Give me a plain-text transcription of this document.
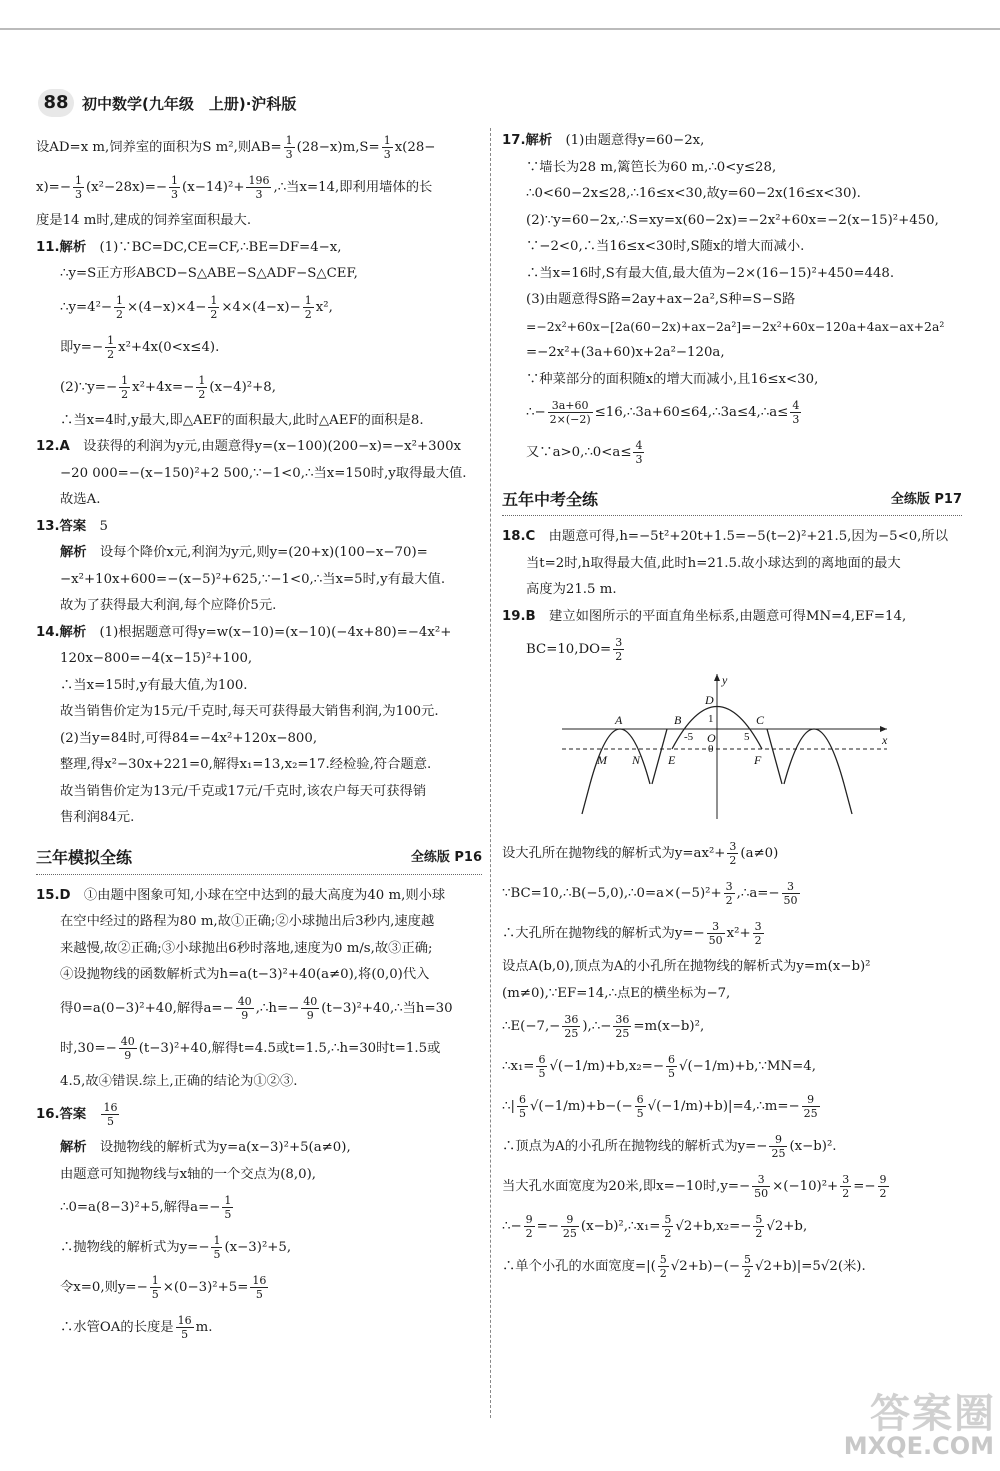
88 初中数学(九年级　上册)·沪科版

设AD=x m,饲养室的面积为S m²,则$AB= \frac{1}{3} (28-x)m,S= \frac{1}{3} x(28-$

$x)=- \frac{1}{3} (x^2-28x)=- \frac{1}{3} (x-14)^2+ \frac{196}{3}$ ,∴当x=14,即利用墙体的长

度是14 m时,建成的饲养室面积最大.

11.解析　 (1)∵BC=DC,CE=CF,∴BE=DF=4−x,

∴y=S正方形ABCD−S△ABE−S△ADF−S△CEF,

∴y=4²− $\frac{1}{2} \times(4-x)\times 4- \frac{1}{2} \times 4\times(4-x)- \frac{1}{2} x^2$,

即$y=- \frac{1}{2} x^2+4x(0<x\le 4)$.

(2)∵y=− $\frac{1}{2} x^2+4x=- \frac{1}{2} (x-4)^2+8$,

∴当x=4时,y最大,即△AEF的面积最大,此时△AEF的面积是8.

12.A　 设获得的利润为y元,由题意得y=(x−100)(200−x)=−x²+300x

−20 000=−(x−150)²+2 500,∵−1<0,∴当x=150时,y取得最大值.

故选A.

13.答案　 5

解析　 设每个降价x元,利润为y元,则y=(20+x)(100−x−70)=

−x²+10x+600=−(x−5)²+625,∵−1<0,∴当x=5时,y有最大值.

故为了获得最大利润,每个应降价5元.

14.解析　 (1)根据题意可得y=w(x−10)=(x−10)(−4x+80)=−4x²+

120x−800=−4(x−15)²+100,

∴当x=15时,y有最大值,为100.

故当销售价定为15元/千克时,每天可获得最大销售利润,为100元.

(2)当y=84时,可得84=−4x²+120x−800,

整理,得x²−30x+221=0,解得x₁=13,x₂=17.经检验,符合题意.

故当销售价定为13元/千克或17元/千克时,该农户每天可获得销

售利润84元.

三年模拟全练	全练版 P16

15.D　 ①由题中图象可知,小球在空中达到的最大高度为40 m,则小球

在空中经过的路程为80 m,故①正确;②小球抛出后3秒内,速度越

来越慢,故②正确;③小球抛出6秒时落地,速度为0 m/s,故③正确;

④设抛物线的函数解析式为h=a(t−3)²+40(a≠0),将(0,0)代入

得0=a(0−3)²+40,解得$a=- \frac{40}{9}$ ,∴h=− $\frac{40}{9}$ (t−3)²+40,∴当h=30

时$,30=- \frac{40}{9} (t-3)^2+40$,解得t=4.5或t=1.5,∴h=30时t=1.5或

4.5,故④错误.综上,正确的结论为①②③.

16.答案　 $\frac{16}{5}$

解析　 设抛物线的解析式为y=a(x−3)²+5(a≠0),

由题意可知抛物线与x轴的一个交点为(8,0),

∴0=a(8−3)²+5,解得$a=- \frac{1}{5}$

∴抛物线的解析式为$y=- \frac{1}{5} (x-3)^2+5$,

令x=0,则$y=- \frac{1}{5} \times(0-3)^2+5= \frac{16}{5}$

∴水管OA的长度是 $\frac{16}{5} m$.

17.解析　 (1)由题意得y=60−2x,

∵墙长为28 m,篱笆长为60 m,∴0<y≤28,

∴0<60−2x≤28,∴16≤x<30,故y=60−2x(16≤x<30).

(2)∵y=60−2x,∴S=xy=x(60−2x)=−2x²+60x=−2(x−15)²+450,

∵−2<0,∴当16≤x<30时,S随x的增大而减小.

∴当x=16时,S有最大值,最大值为−2×(16−15)²+450=448.

(3)由题意得S路=2ay+ax−2a²,S种=S−S路

=−2x²+60x−[2a(60−2x)+ax−2a²]=−2x²+60x−120a+4ax−ax+2a²

=−2x²+(3a+60)x+2a²−120a,

∵种菜部分的面积随x的增大而减小,且16≤x<30,

∴− $\frac{3a+60}{2\times(-2)}$ ≤16,∴3a+60≤64,∴3a≤4,∴a≤ $\frac{4}{3}$

又∵a>0,∴0<a≤ $\frac{4}{3}$

五年中考全练	全练版 P17

18.C　 由题意可得,h=−5t²+20t+1.5=−5(t−2)²+21.5,因为−5<0,所以

当t=2时,h取得最大值,此时h=21.5.故小球达到的离地面的最大

高度为21.5 m.

19.B　 建立如图所示的平面直角坐标系,由题意可得MN=4,EF=14,

$BC=10,DO= \frac{3}{2}$

A	B	C
D
E	F
M N
O	x
y
-5	5
1
0

设大孔所在抛物线的解析式为$y=ax^2+ \frac{3}{2} (a\ne 0)$

∵BC=10,∴B(−5,0),∴0=a×(−5)²+ $\frac{3}{2}$ ,∴a=− $\frac{3}{50}$

∴大孔所在抛物线的解析式为$y=- \frac{3}{50} x^2+ \frac{3}{2}$

设点A(b,0),顶点为A的小孔所在抛物线的解析式为y=m(x−b)²

(m≠0),∵EF=14,∴点E的横坐标为−7,

∴E(−7,− $\frac{36}{25}$ ),∴− $\frac{36}{25} =m(x-b)^2$,

∴x₁= $\frac{6}{5} √(-1/m)+b,x_2=- \frac{6}{5}$ √(−1/m)+b,∵MN=4,

∴| $\frac{6}{5} √(-1/m)+b-(- \frac{6}{5}$ √(−1/m)+b)|=4,∴m=− $\frac{9}{25}$

∴顶点为A的小孔所在抛物线的解析式为$y=- \frac{9}{25} (x-b)^2$.

当大孔水面宽度为20米,即x=−10时$,y=- \frac{3}{50} \times(-10)^2+ \frac{3}{2} =- \frac{9}{2}$

∴− $\frac{9}{2} =- \frac{9}{25}$ (x−b)²,∴x₁= $\frac{5}{2} √2+b,x_2=- \frac{5}{2} √2+b$,

∴单个小孔的水面宽度=|( $\frac{5}{2} √2+b)-(- \frac{5}{2} √2+b)|=5√2$(米).

答案圈
MXQE.COM
